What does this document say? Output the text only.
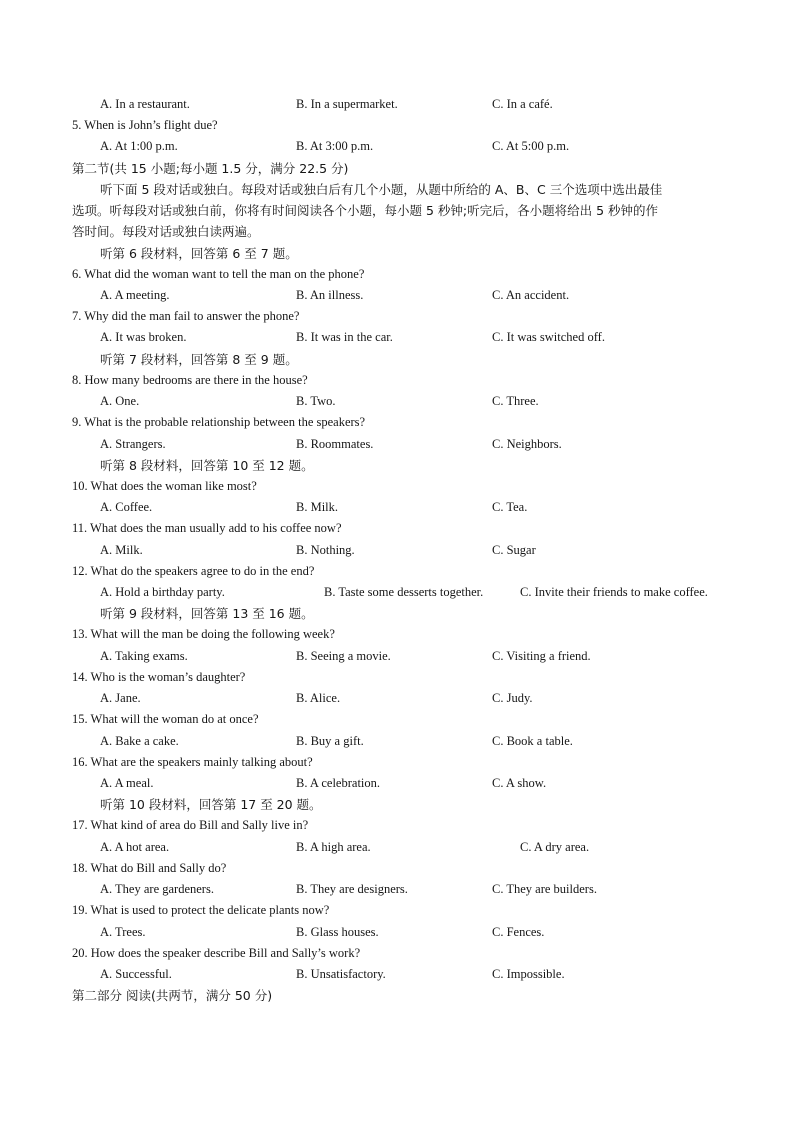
A. In a restaurant.	B. In a supermarket.	C. In a café.
5. When is John’s flight due?
A. At 1:00 p.m.	B. At 3:00 p.m.	C. At 5:00 p.m.
第二节(共 15 小题;每小题 1.5 分，满分 22.5 分)
听下面 5 段对话或独白。每段对话或独白后有几个小题，从题中所给的 A、B、C 三个选项中选出最佳
选项。听每段对话或独白前，你将有时间阅读各个小题，每小题 5 秒钟;听完后，各小题将给出 5 秒钟的作
答时间。每段对话或独白读两遍。
听第 6 段材料，回答第 6 至 7 题。
6. What did the woman want to tell the man on the phone?
A. A meeting.	B. An illness.	C. An accident.
7. Why did the man fail to answer the phone?
A. It was broken.	B. It was in the car.	C. It was switched off.
听第 7 段材料，回答第 8 至 9 题。
8. How many bedrooms are there in the house?
A. One.	B. Two.	C. Three.
9. What is the probable relationship between the speakers?
A. Strangers.	B. Roommates.	C. Neighbors.
听第 8 段材料，回答第 10 至 12 题。
10. What does the woman like most?
A. Coffee.	B. Milk.	C. Tea.
11. What does the man usually add to his coffee now?
A. Milk.	B. Nothing.	C. Sugar
12. What do the speakers agree to do in the end?
A. Hold a birthday party.	B. Taste some desserts together.	C. Invite their friends to make coffee.
听第 9 段材料，回答第 13 至 16 题。
13. What will the man be doing the following week?
A. Taking exams.	B. Seeing a movie.	C. Visiting a friend.
14. Who is the woman’s daughter?
A. Jane.	B. Alice.	C. Judy.
15. What will the woman do at once?
A. Bake a cake.	B. Buy a gift.	C. Book a table.
16. What are the speakers mainly talking about?
A. A meal.	B. A celebration.	C. A show.
听第 10 段材料，回答第 17 至 20 题。
17. What kind of area do Bill and Sally live in?
A. A hot area.	B. A high area.	C. A dry area.
18. What do Bill and Sally do?
A. They are gardeners.	B. They are designers.	C. They are builders.
19. What is used to protect the delicate plants now?
A. Trees.	B. Glass houses.	C. Fences.
20. How does the speaker describe Bill and Sally’s work?
A. Successful.	B. Unsatisfactory.	C. Impossible.
第二部分 阅读(共两节，满分 50 分)
